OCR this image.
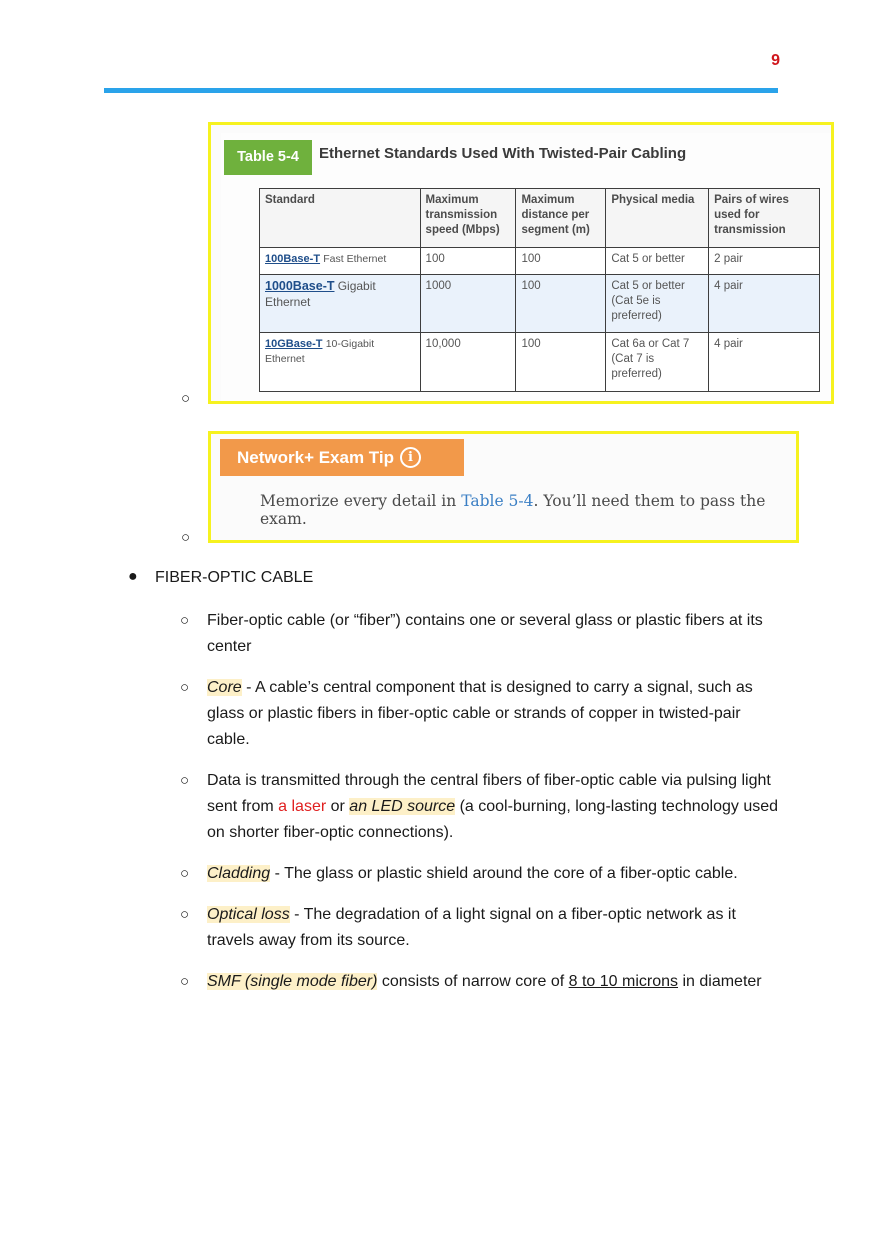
9
○
Table 5-4	Ethernet Standards Used With Twisted-Pair Cabling
Standard	Maximum transmission speed (Mbps)	Maximum distance per segment (m)	Physical media	Pairs of wires used for transmission
100Base-T Fast Ethernet	100	100	Cat 5 or better	2 pair
1000Base-T Gigabit Ethernet	1000	100	Cat 5 or better (Cat 5e is preferred)	4 pair
10GBase-T 10-Gigabit Ethernet	10,000	100	Cat 6a or Cat 7 (Cat 7 is preferred)	4 pair
○
Network+ Exam Tip i
Memorize every detail in Table 5-4. You’ll need them to pass the exam.
● FIBER-OPTIC CABLE
○ Fiber-optic cable (or “fiber”) contains one or several glass or plastic fibers at its center
○ Core - A cable’s central component that is designed to carry a signal, such as glass or plastic fibers in fiber-optic cable or strands of copper in twisted-pair cable.
○ Data is transmitted through the central fibers of fiber-optic cable via pulsing light sent from a laser or an LED source (a cool-burning, long-lasting technology used on shorter fiber-optic connections).
○ Cladding - The glass or plastic shield around the core of a fiber-optic cable.
○ Optical loss - The degradation of a light signal on a fiber-optic network as it travels away from its source.
○ SMF (single mode fiber) consists of narrow core of 8 to 10 microns in diameter
